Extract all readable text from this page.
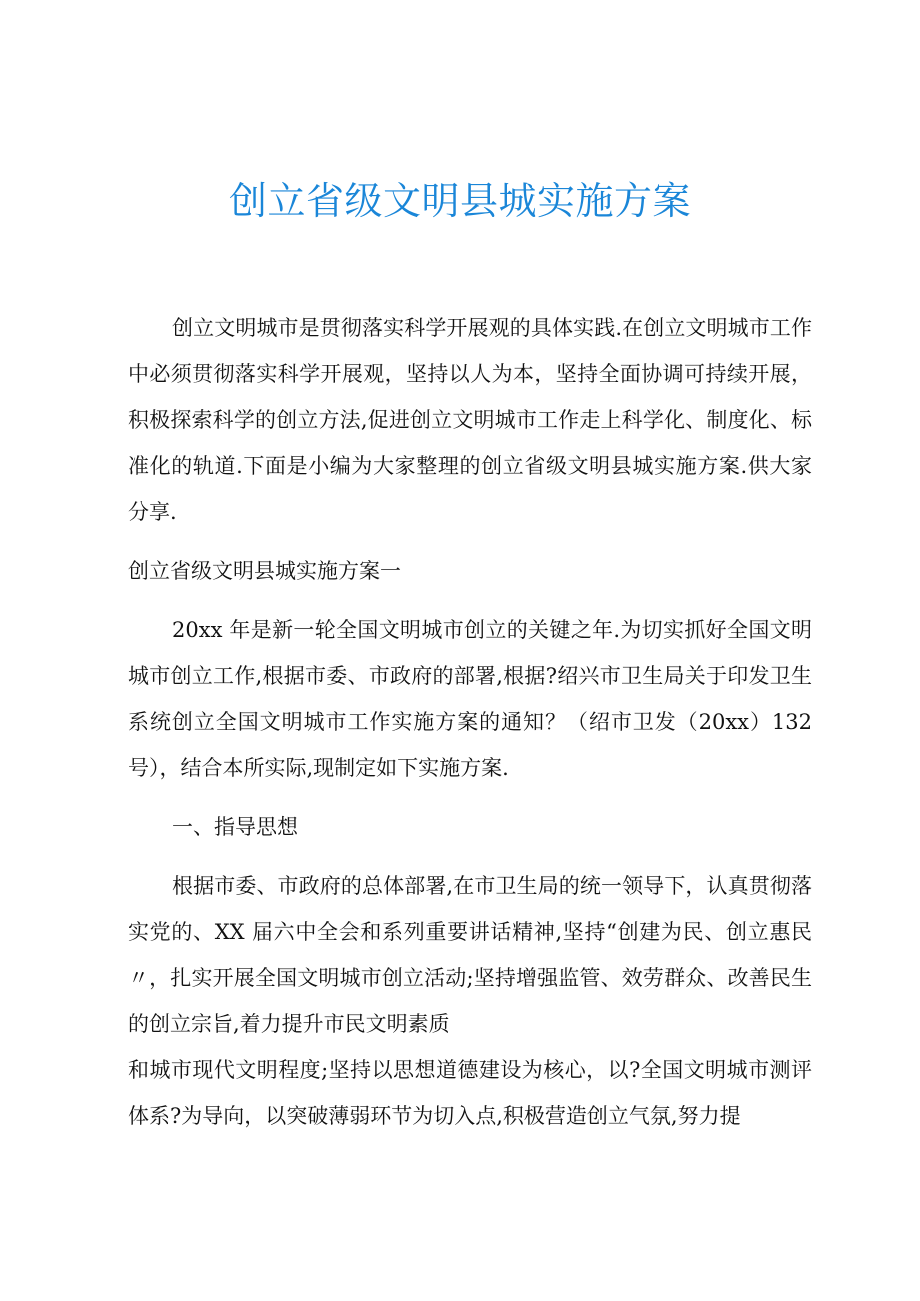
创立省级文明县城实施方案

创立文明城市是贯彻落实科学开展观的具体实践.在创立文明城市工作中必须贯彻落实科学开展观，坚持以人为本，坚持全面协调可持续开展，积极探索科学的创立方法,促进创立文明城市工作走上科学化、制度化、标准化的轨道.下面是小编为大家整理的创立省级文明县城实施方案.供大家分享.

创立省级文明县城实施方案一

20xx 年是新一轮全国文明城市创立的关键之年.为切实抓好全国文明城市创立工作,根据市委、市政府的部署,根据?绍兴市卫生局关于印发卫生系统创立全国文明城市工作实施方案的通知？（绍市卫发（20xx）132 号），结合本所实际,现制定如下实施方案.

一、指导思想

根据市委、市政府的总体部署,在市卫生局的统一领导下，认真贯彻落实党的、XX 届六中全会和系列重要讲话精神,坚持“创建为民、创立惠民〃，扎实开展全国文明城市创立活动;坚持增强监管、效劳群众、改善民生的创立宗旨,着力提升市民文明素质

和城市现代文明程度;坚持以思想道德建设为核心，以?全国文明城市测评体系?为导向，以突破薄弱环节为切入点,积极营造创立气氛,努力提
